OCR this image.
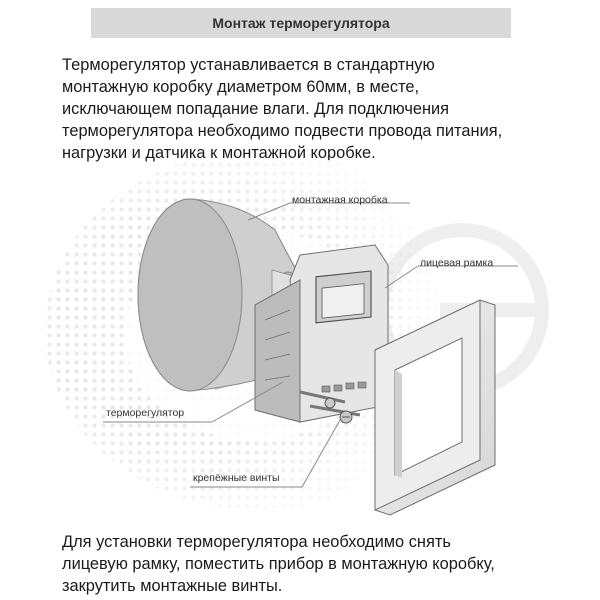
Монтаж терморегулятора

Терморегулятор устанавливается в стандартную
монтажную коробку диаметром 60мм, в месте,
исключающем попадание влаги. Для подключения
терморегулятора необходимо подвести провода питания,
нагрузки и датчика к монтажной коробке.

монтажная коробка
лицевая рамка
терморегулятор
крепёжные винты

Для установки терморегулятора необходимо снять
лицевую рамку, поместить прибор в монтажную коробку,
закрутить монтажные винты.
